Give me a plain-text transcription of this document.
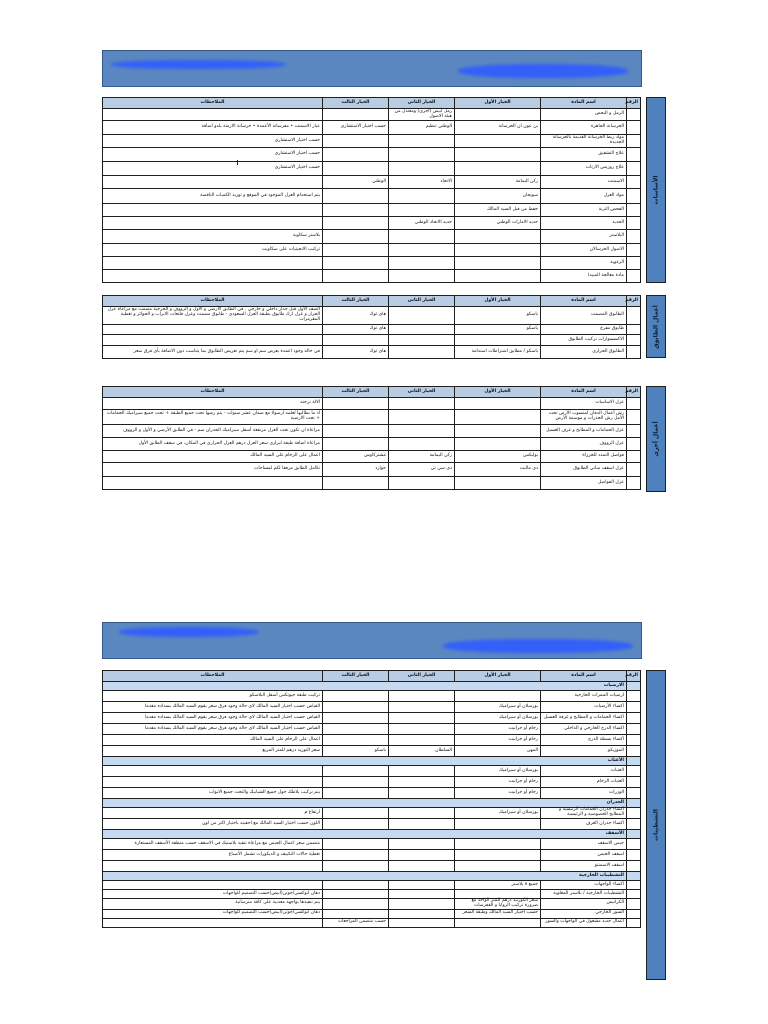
الرقم	اسم المادة	الخيار الأول	الخيار الثاني	الخيار الثالث	الملاحظات
	الرمل و البحص		رمل أبيض (أجري) ومعتدل من هيئة الاصول		
	الخرسانة الجاهزة	بن عون ان الخرسانة	الوطني تنظيم	حسب اختيار الاستشاري	عيار الاسمنت • مقرسانة الأعمدة • خرسانة الارمثة بلدو اضافة
	مواد ربط الخرسانة القديمة بالخرسانة الجديدة				حسب اختيار الاستشاري
	علاج التشقيق				حسب اختيار الاستشاري
	علاج روزبس الارثات				حسب اختيار الاستشاري
	الاسمنت	ركن اليمامة	الاتحاد	الوطني	
	مواد العزل	سويجان			يتم استخدام العزل الموجود في الموقع و توريد الكميات الناقصة
	الفحص التربة	حفظ من قبل السيد المالك			
	الحديد	حديد الامارات الوطني	حديد الاتحاد الوطني		
	البلاستر				بلاستر سكاوية
	الاصول الخرسالان				تركيب الانجيتيات على سكاويت
	الرغوية				
	مادة معالجة المبيدا				
الرقم	اسم المادة	الخيار الأول	الخيار الثاني	الخيار الثالث	الملاحظات
	الطابوق المصمت	باسكو		هاي ثوك	الصف الأول قبل جدار داخلي و خارجي . في الطابق الأرضي و الأول و الرووف و الخرجية مصمت مع مراعاة عزل الحرار و عزل ارك طابوق بطبقة العزل السعودي - طابوق مصمت وعزل فلتعات الابراب و الجوائز و تغطية المقرمرات
	طابوق مفرغ	باسكو		هاي ثوك	
	الاكسسوارات تركيب الطابوق				
	الطابوق الحراري	باسكو / مطابق اشتراطات استدامة		هاي ثوك	في حالة وجود اعمدة بعرض سم او سم يتم تعريض الطابوق بما يتناسب دون الاضافة بأي فرق سعر
الرقم	اسم المادة	الخيار الأول	الخيار الثاني	الخيار الثالث	الملاحظات
	عزل الاساسات				الالة ترجنه
	رش أعمال الدفان لمنسوب الأرض تحت الأمل رش الجذرات و موسمة الأرض				اذ ما بطالبها لعلمه ارسولا مع ضمان عشر سنوات - يتم رشها تحت جميع الطبقة + تحت جميع سيراميك الحمامات + تحت الارضية
	عزل الحمامات و المطابخ و غرف الغسيل				مراعاة ان تكون تحت العزل مرتفعة أسفل سيراميك الجدران سم - في الطابق الأرضي و الأول و الرووف
	عزل الرووف				مراعاة اضافة طبقة لبرازي سعر العزل درهم العزل الحراري في المكان، في سقف الطابق الأول
	فواصل التمدد للخرزاة	بوليكس	ركن اليمامة	مشتركاوس	اعمال على الرخام على السيد المالك
	عزل اسقف مباني الطابوق	دي ماليت	دي سي ثي	جوارد	تكامل الطابق مرفقا لكم لمساحات
	عزل الفواصل				
الأساسات
أعمال الطابوق
أعمال أخرى
الرقم	اسم المادة	الخيار الأول	الخيار الثاني	الخيار الثالث	الملاحظات
	الارضيات				
	ارضيات الممرات الخارجية				تركيب طبقة جيوتكس أسفل البلاسكو
	اكساء الأرضيات	بورسلان أو سيراميك			القياس حسب اختيار السيد المالك لاي حالة وجود فرق سعر يقوم السيد المالك بسداده مقدما
	اكساء الحمامات و المطابخ و غرفة الغسيل	بورسلان أو سيراميك			القياس حسب اختيار السيد المالك لاي حالة وجود فرق سعر يقوم السيد المالك بسداده مقدما
	اكساء الدرج الخارجي و الداخلي	رخام أو جرانيت			القياس حسب اختيار السيد المالك لاي حالة وجود فرق سعر يقوم السيد المالك بسداده مقدما
	اكساء بسطة الدرج	رخام أو جرانيت			اعمال على الرخام على السيد المالك
	الموزيكو	المهن	السلطان	باسكو	سعر التوريد درهم للمتر المربع
	الأعتاب				
	العتبات	بورسلان أو سيراميك			
	العتبات الرخام	رخام أو جرانيت			
	الوزرات	رخام أو جرانيت			يتم تركيب بلاطك حول جميع الشبابيك والتحت جميع الابواب
	الجدران				
	اكساء جدران الحمامات الرئيسية و المطابخ الخصوصية و الرئيسية	بورسلان أو سيراميك			ارتفاع م
	اكساء جدران الغرف				اللون حسب اختيار السيد المالك مع احقيته باختيار اكثر من لون
	الأسقف				
	جبس الاسقف				متضمن سعر اعمال الجبس مع مراعاة تنفيذ بلاستيك في الاسقف حسب منطقة الأسقف المستعارة
	اسقف الجبس				تغطية حالات التكييف و الديكورات تشمل الأصباغ
	اسقف الاسمنتو				
	التشطيبات الخارجية				
	اكساء الواجهات	جميع ٨ بلاستر			
	التشطيبات الخارجية / بلاستر المغلوبة				دهان ابوكسي/جوتن(ابيض)حسب التصميم للواجهات
	الكرانيش	سعر الكورنيد درهم للمتر الواحد مع ضرورة تركيب الزوايا و القفرسات			يتم تنفيذها بواجهة معدنية على كافة مترسانية
	السور الخارجي	حسب اختيار السيد المالك وطبقة السعر			دهان ابوكسي/جوتن(ابيض)حسب التصميم للواجهات
	اعمال جديد مشغول في الواجهات والسور			حسب متضمن المراجعات	
التشطيبات
